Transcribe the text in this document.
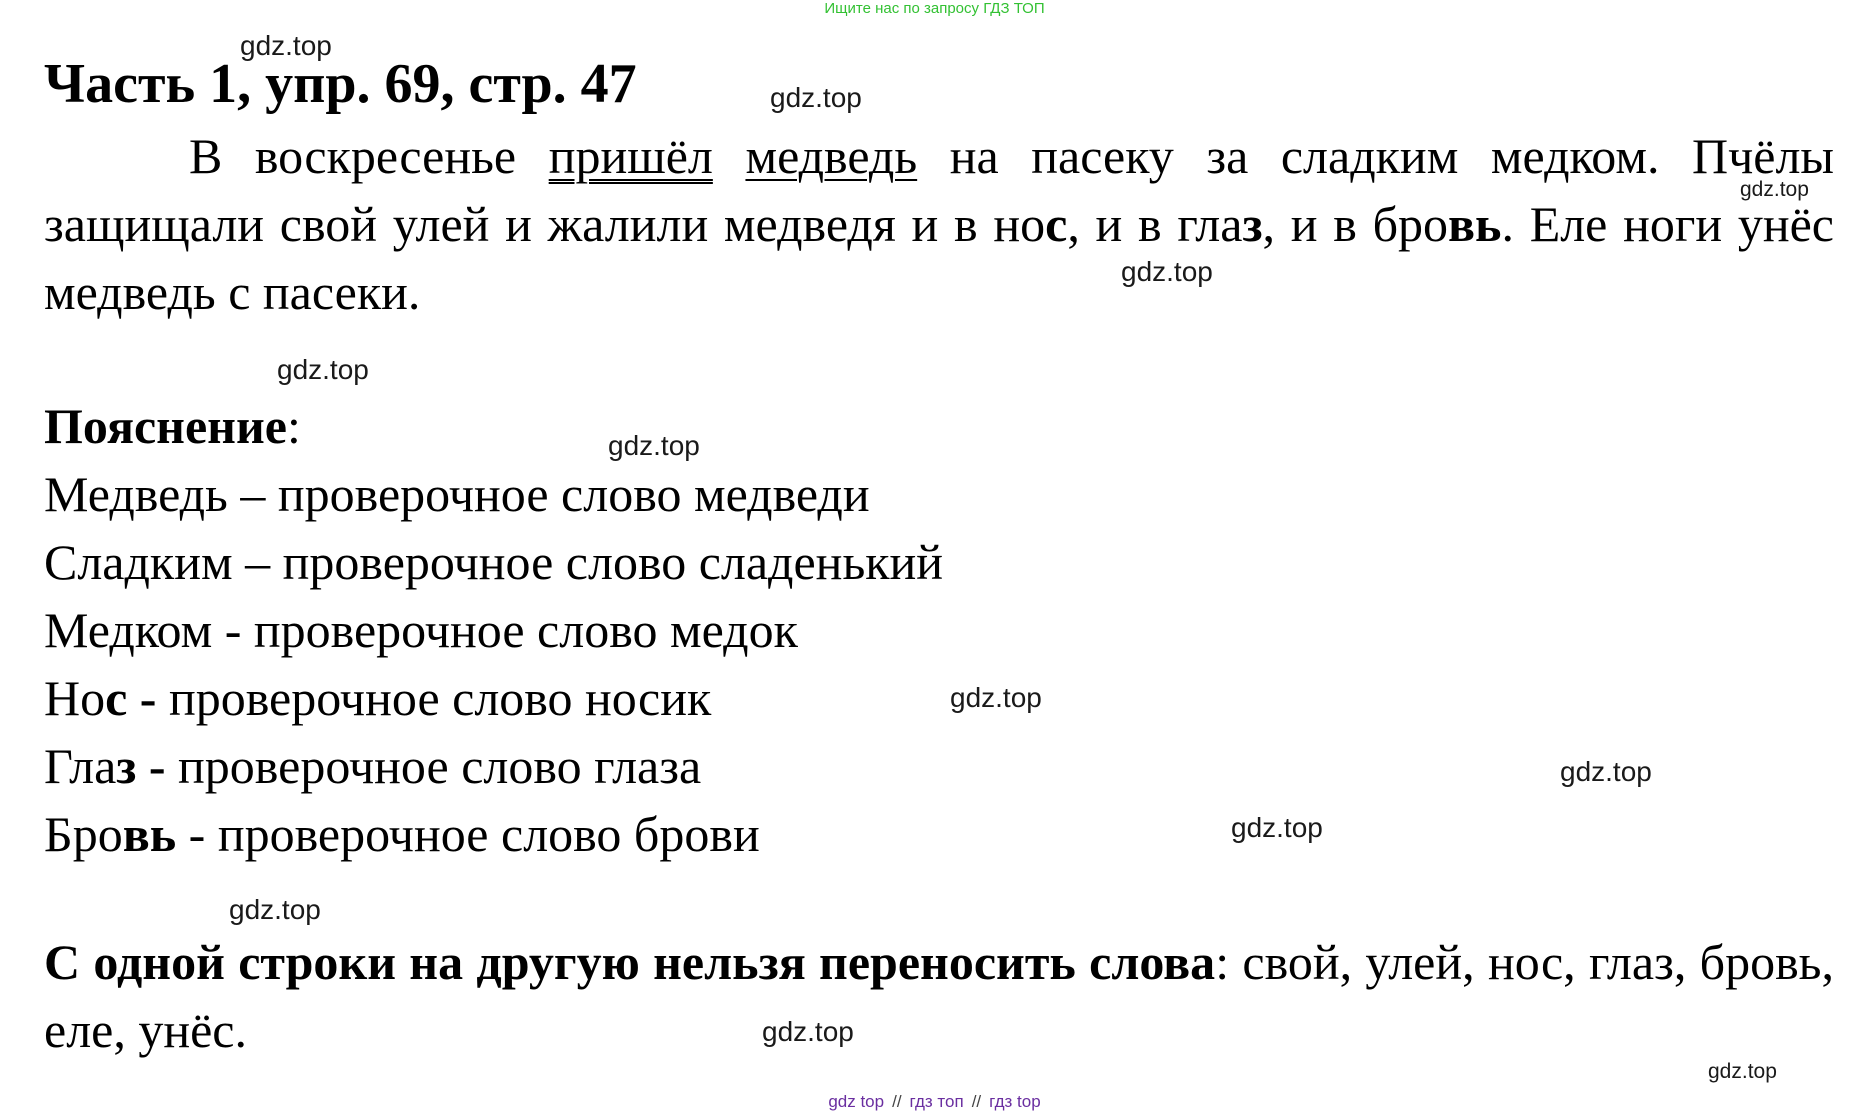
Ищите нас по запросу ГДЗ ТОП
Часть 1, упр. 69, стр. 47
В воскресенье пришёл медведь на пасеку за сладким медком. Пчёлы защищали свой улей и жалили медведя и в нос, и в глаз, и в бровь. Еле ноги унёс медведь с пасеки.
Пояснение:
Медведь – проверочное слово медведи
Сладким – проверочное слово сладенький
Медком - проверочное слово медок
Нос - проверочное слово носик
Глаз - проверочное слово глаза
Бровь - проверочное слово брови
С одной строки на другую нельзя переносить слова: свой, улей, нос, глаз, бровь, еле, унёс.
gdz.top
gdz.top
gdz.top
gdz.top
gdz.top
gdz.top
gdz.top
gdz.top
gdz.top
gdz.top
gdz.top
gdz.top
gdz top // гдз топ // гдз top
